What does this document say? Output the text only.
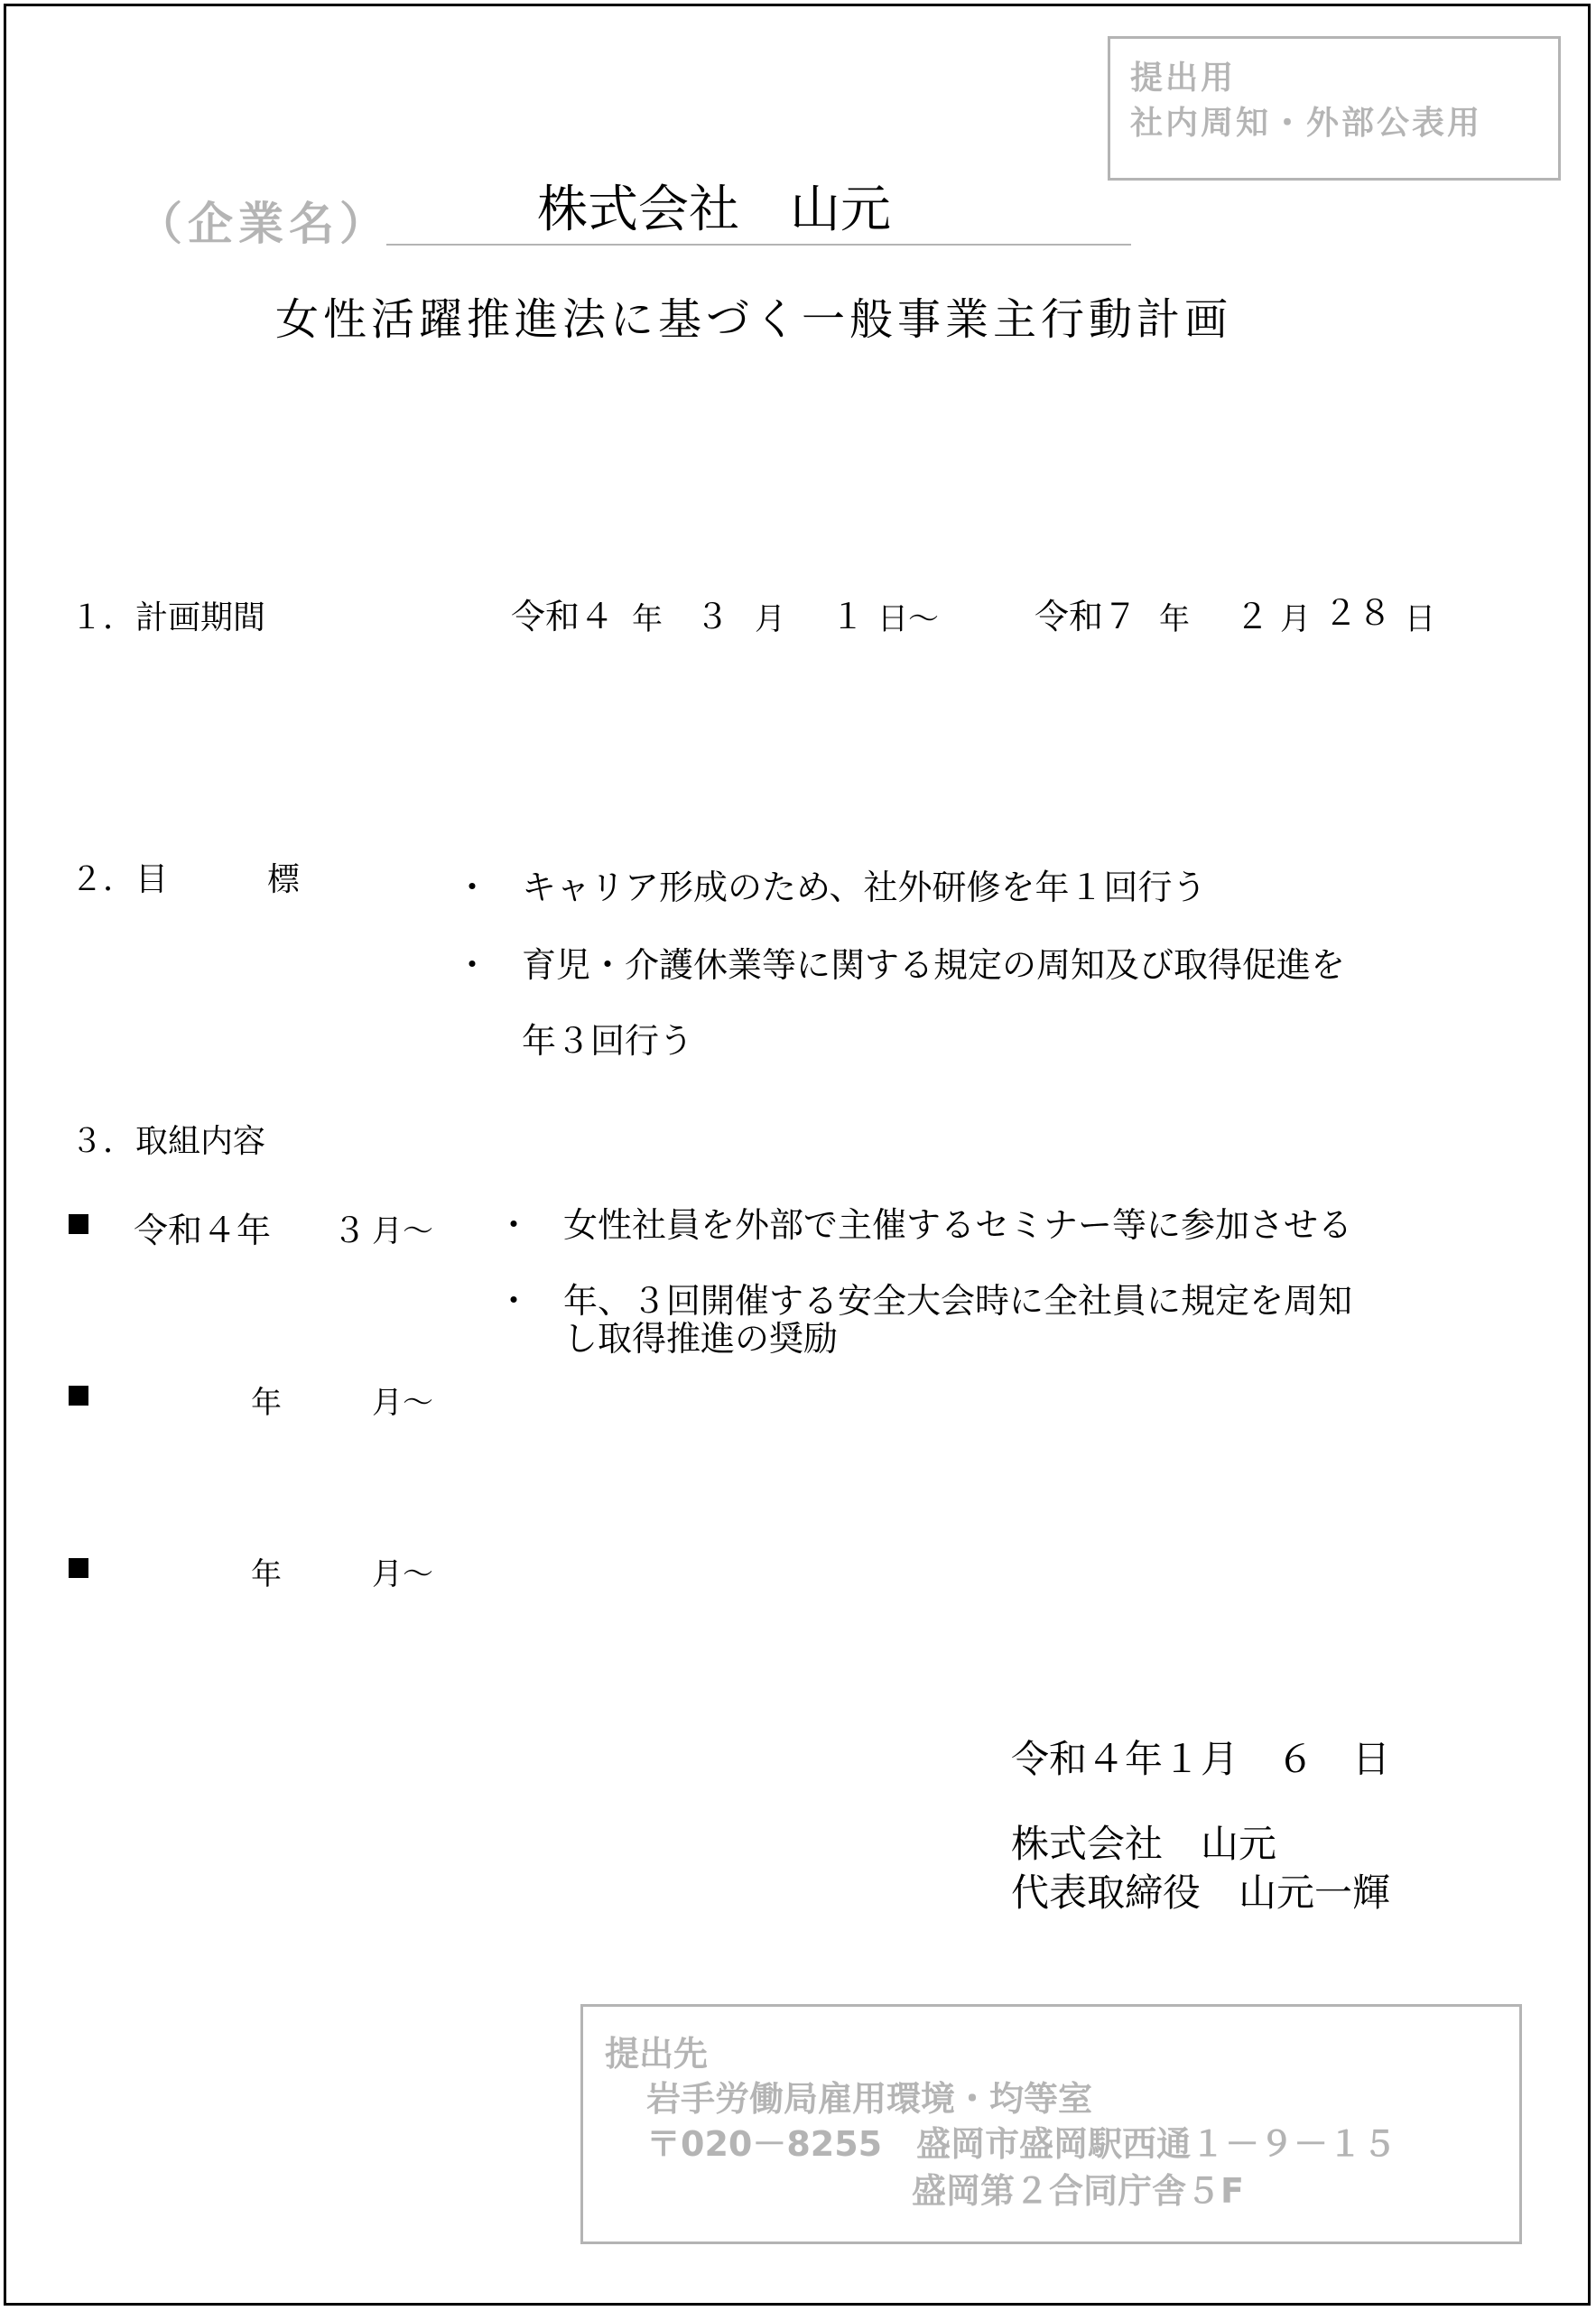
提出用
社内周知・外部公表用
（企業名）	株式会社　山元
女性活躍推進法に基づく一般事業主行動計画
１．計画期間	令和４ 年 ３ 月 １ 日～	令和７ 年 ２ 月 ２８ 日
２．目	標	・ キャリア形成のため、社外研修を年１回行う
・ 育児・介護休業等に関する規定の周知及び取得促進を
年３回行う
３．取組内容
令和４年 ３ 月～ ・ 女性社員を外部で主催するセミナー等に参加させる
・ 年、３回開催する安全大会時に全社員に規定を周知
し取得推進の奨励
年	月～
年	月～
令和４年１月　６　日
株式会社　山元
代表取締役　山元一輝
提出先
岩手労働局雇用環境・均等室
〒020－8255　盛岡市盛岡駅西通１－９－１５
盛岡第２合同庁舎５F
